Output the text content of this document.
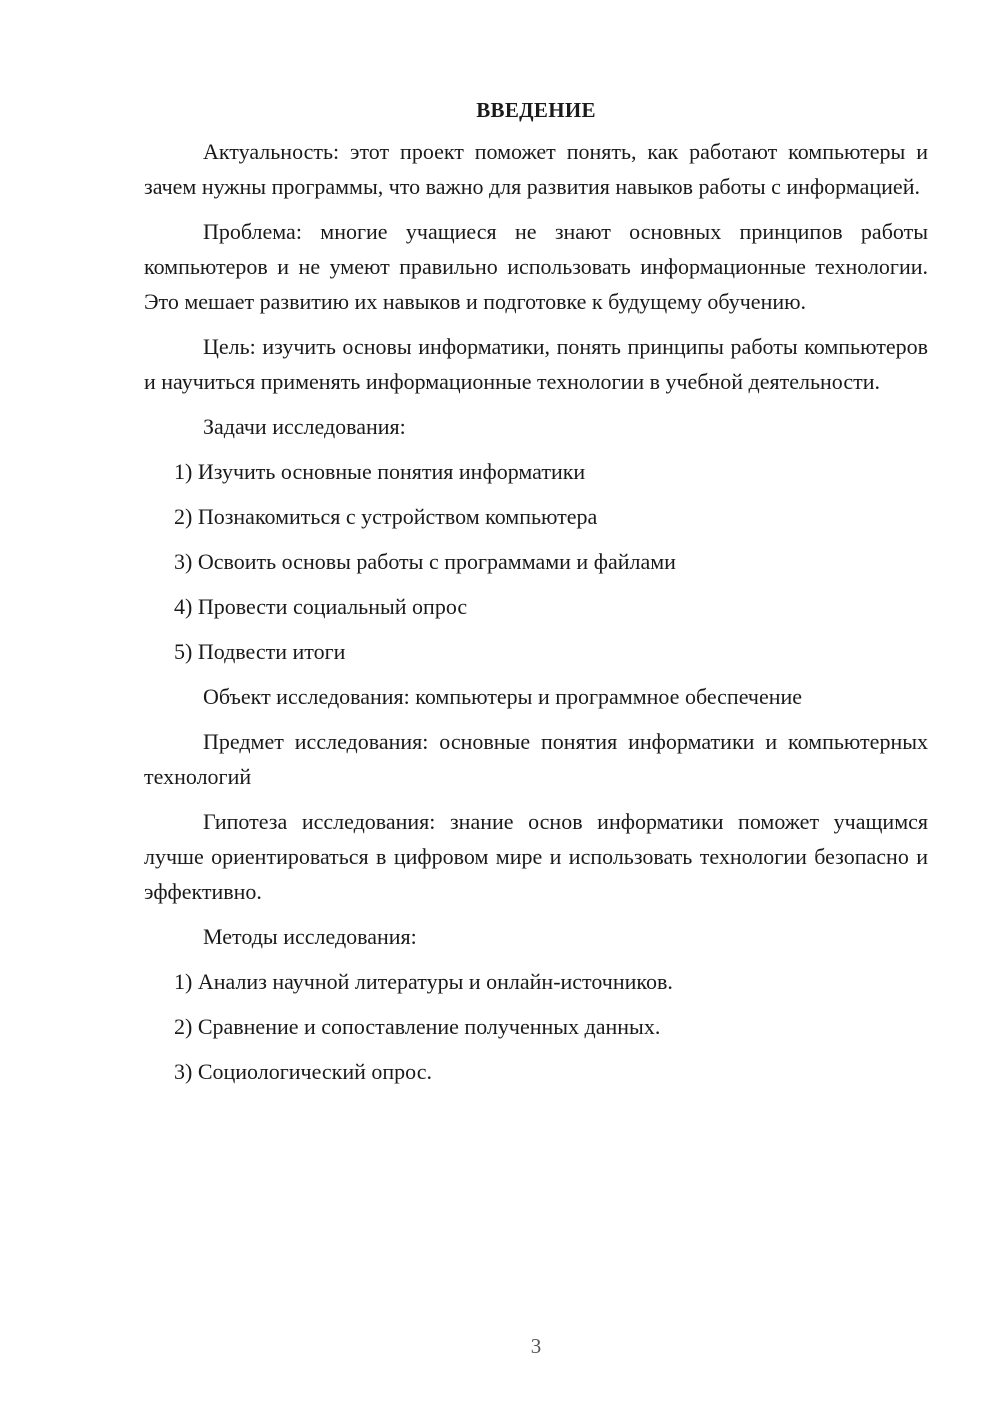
ВВЕДЕНИЕ

Актуальность: этот проект поможет понять, как работают компьютеры и зачем нужны программы, что важно для развития навыков работы с информацией.

Проблема: многие учащиеся не знают основных принципов работы компьютеров и не умеют правильно использовать информационные технологии. Это мешает развитию их навыков и подготовке к будущему обучению.

Цель: изучить основы информатики, понять принципы работы компьютеров и научиться применять информационные технологии в учебной деятельности.

Задачи исследования:

1) Изучить основные понятия информатики
2) Познакомиться с устройством компьютера
3) Освоить основы работы с программами и файлами
4) Провести социальный опрос
5) Подвести итоги

Объект исследования: компьютеры и программное обеспечение

Предмет исследования: основные понятия информатики и компьютерных технологий

Гипотеза исследования: знание основ информатики поможет учащимся лучше ориентироваться в цифровом мире и использовать технологии безопасно и эффективно.

Методы исследования:

1) Анализ научной литературы и онлайн-источников.
2) Сравнение и сопоставление полученных данных.
3) Социологический опрос.
3
